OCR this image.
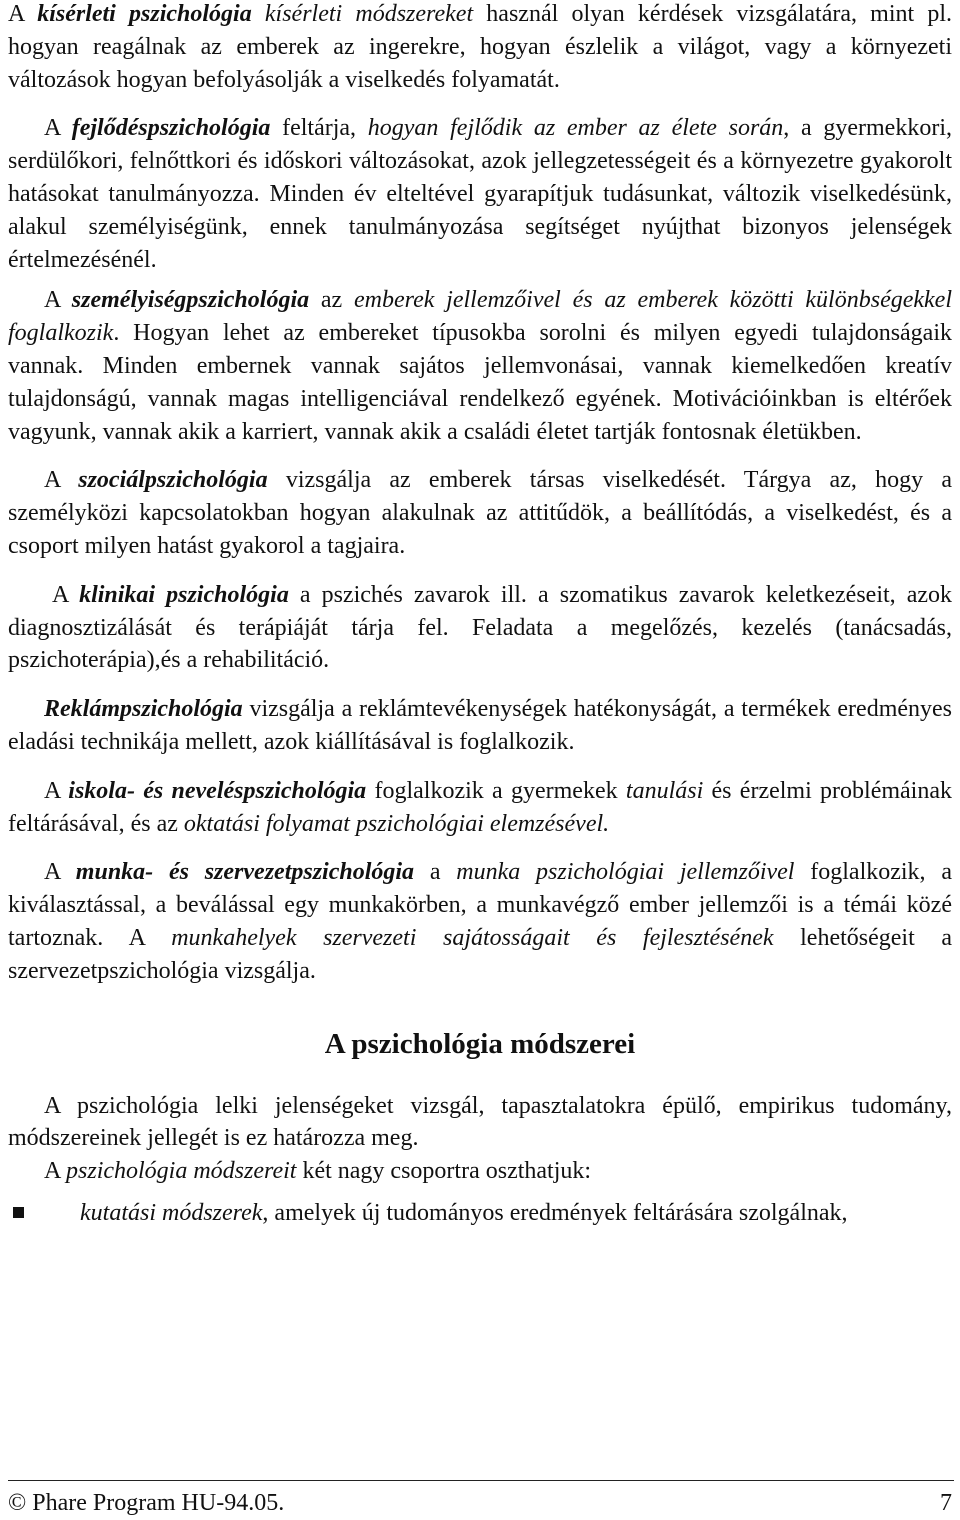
A kísérleti pszichológia kísérleti módszereket használ olyan kérdések vizsgálatára, mint pl. hogyan reagálnak az emberek az ingerekre, hogyan észlelik a világot, vagy a környezeti változások hogyan befolyásolják a viselkedés folyamatát.

A fejlődéspszichológia feltárja, hogyan fejlődik az ember az élete során, a gyermekkori, serdülőkori, felnőttkori és időskori változásokat, azok jellegzetességeit és a környezetre gyakorolt hatásokat tanulmányozza. Minden év elteltével gyarapítjuk tudásunkat, változik viselkedésünk, alakul személyiségünk, ennek tanulmányozása segítséget nyújthat bizonyos jelenségek értelmezésénél.

A személyiségpszichológia az emberek jellemzőivel és az emberek közötti különbségekkel foglalkozik. Hogyan lehet az embereket típusokba sorolni és milyen egyedi tulajdonságaik vannak. Minden embernek vannak sajátos jellemvonásai, vannak kiemelkedően kreatív tulajdonságú, vannak magas intelligenciával rendelkező egyének. Motivációinkban is eltérőek vagyunk, vannak akik a karriert, vannak akik a családi életet tartják fontosnak életükben.

A szociálpszichológia vizsgálja az emberek társas viselkedését. Tárgya az, hogy a személyközi kapcsolatokban hogyan alakulnak az attitűdök, a beállítódás, a viselkedést, és a csoport milyen hatást gyakorol a tagjaira.

A klinikai pszichológia a pszichés zavarok ill. a szomatikus zavarok keletkezéseit, azok diagnosztizálását és terápiáját tárja fel. Feladata a megelőzés, kezelés (tanácsadás, pszichoterápia),és a rehabilitáció.

Reklámpszichológia vizsgálja a reklámtevékenységek hatékonyságát, a termékek eredményes eladási technikája mellett, azok kiállításával is foglalkozik.

A iskola- és neveléspszichológia foglalkozik a gyermekek tanulási és érzelmi problémáinak feltárásával, és az oktatási folyamat pszichológiai elemzésével.

A munka- és szervezetpszichológia a munka pszichológiai jellemzőivel foglalkozik, a kiválasztással, a beválással egy munkakörben, a munkavégző ember jellemzői is a témái közé tartoznak. A munkahelyek szervezeti sajátosságait és fejlesztésének lehetőségeit a szervezetpszichológia vizsgálja.

A pszichológia módszerei

A pszichológia lelki jelenségeket vizsgál, tapasztalatokra épülő, empirikus tudomány, módszereinek jellegét is ez határozza meg.

A pszichológia módszereit két nagy csoportra oszthatjuk:

kutatási módszerek, amelyek új tudományos eredmények feltárására szolgálnak,
© Phare Program HU-94.05.	7
